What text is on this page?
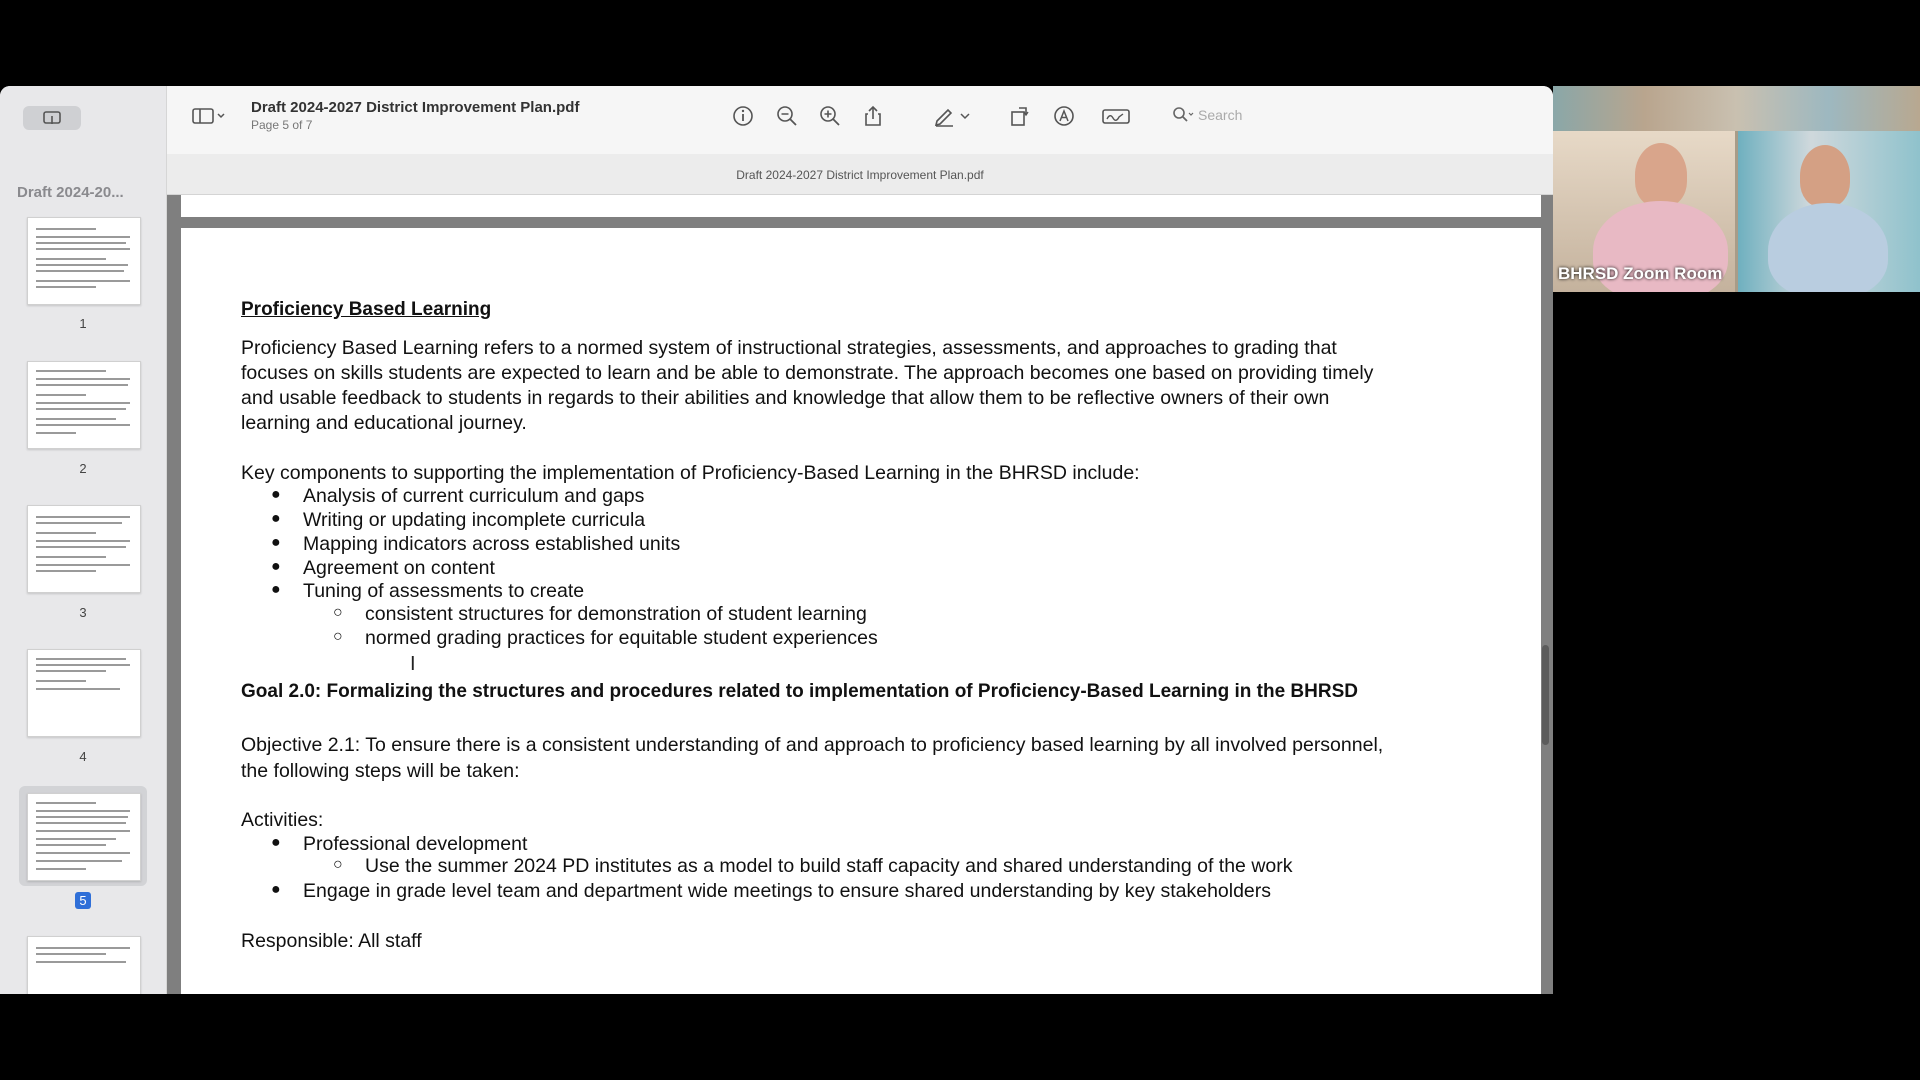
Draft 2024-20...
1
2
3
4
5
Draft 2024-2027 District Improvement Plan.pdf
Page 5 of 7
Search
Draft 2024-2027 District Improvement Plan.pdf
Proficiency Based Learning
Proficiency Based Learning refers to a normed system of instructional strategies, assessments, and approaches to grading that
focuses on skills students are expected to learn and be able to demonstrate. The approach becomes one based on providing timely
and usable feedback to students in regards to their abilities and knowledge that allow them to be reflective owners of their own
learning and educational journey.
Key components to supporting the implementation of Proficiency-Based Learning in the BHRSD include:
● Analysis of current curriculum and gaps
● Writing or updating incomplete curricula
● Mapping indicators across established units
● Agreement on content
● Tuning of assessments to create
○ consistent structures for demonstration of student learning
○ normed grading practices for equitable student experiences
Goal 2.0: Formalizing the structures and procedures related to implementation of Proficiency-Based Learning in the BHRSD
Objective 2.1: To ensure there is a consistent understanding of and approach to proficiency based learning by all involved personnel,
the following steps will be taken:
Activities:
● Professional development
○ Use the summer 2024 PD institutes as a model to build staff capacity and shared understanding of the work
● Engage in grade level team and department wide meetings to ensure shared understanding by key stakeholders
Responsible: All staff
I
BHRSD Zoom Room
